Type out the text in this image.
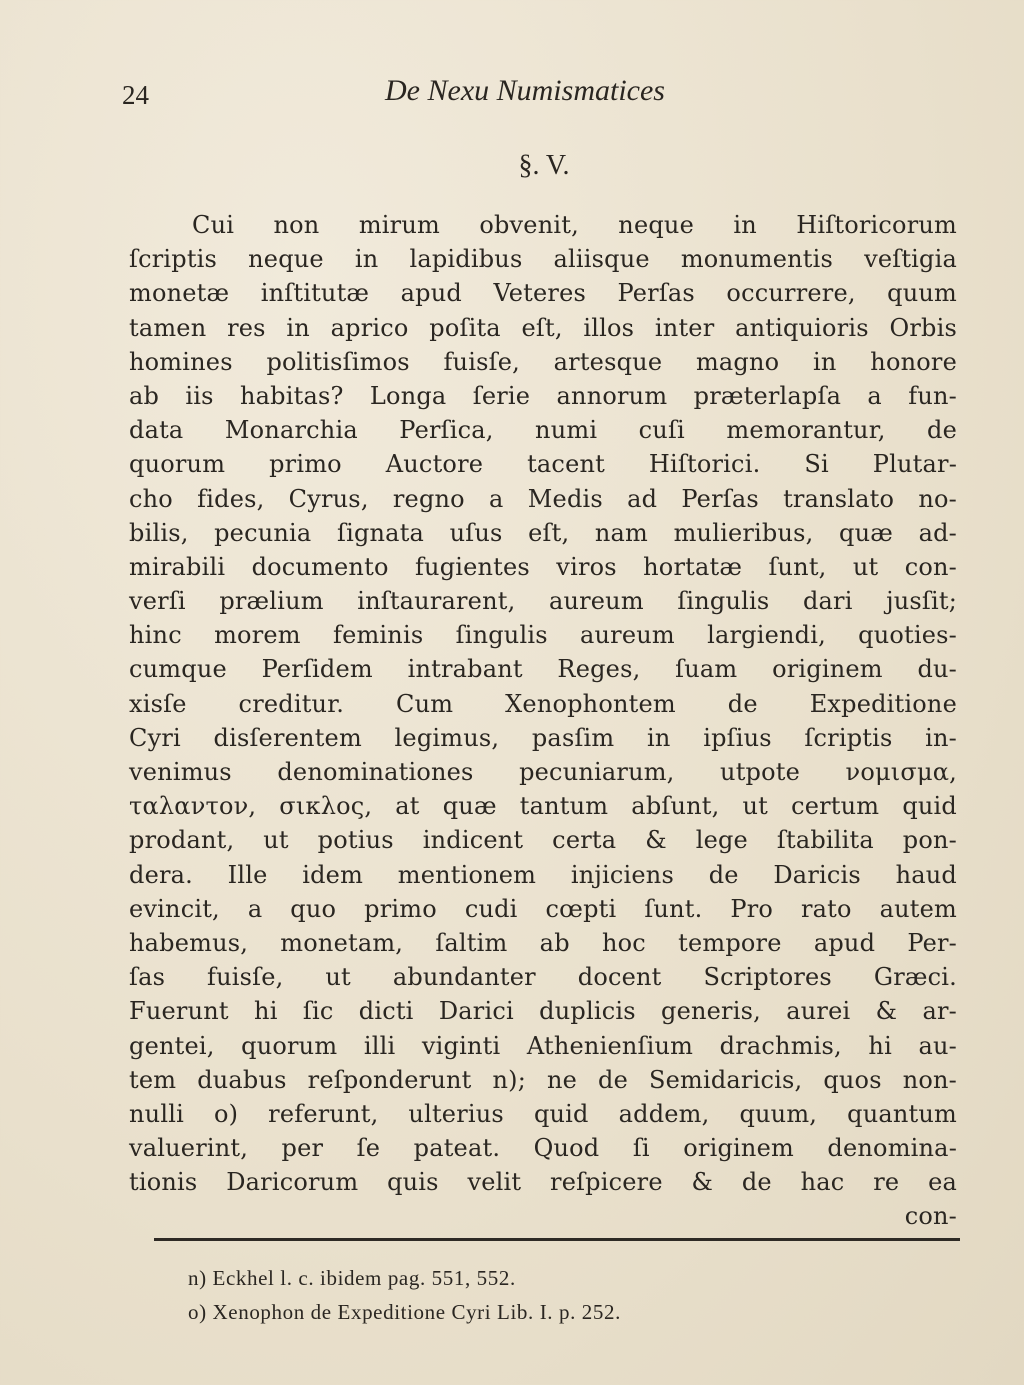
24	De Nexu Numismatices
§. V.
Cui non mirum obvenit, neque in Hiſtoricorum
ſcriptis neque in lapidibus aliisque monumentis veſtigia
monetæ inſtitutæ apud Veteres Perſas occurrere, quum
tamen res in aprico poſita eſt, illos inter antiquioris Orbis
homines politisſimos fuisſe, artesque magno in honore
ab iis habitas? Longa ſerie annorum præterlapſa a fun-
data Monarchia Perſica, numi cuſi memorantur, de
quorum primo Auctore tacent Hiſtorici. Si Plutar-
cho fides, Cyrus, regno a Medis ad Perſas translato no-
bilis, pecunia ſignata uſus eſt, nam mulieribus, quæ ad-
mirabili documento fugientes viros hortatæ ſunt, ut con-
verſi prælium inſtaurarent, aureum ſingulis dari jusſit;
hinc morem feminis ſingulis aureum largiendi, quoties-
cumque Perſidem intrabant Reges, ſuam originem du-
xisſe creditur. Cum Xenophontem de Expeditione
Cyri disſerentem legimus, pasſim in ipſius ſcriptis in-
venimus denominationes pecuniarum, utpote νομισμα,
ταλαντον, σικλος, at quæ tantum abſunt, ut certum quid
prodant, ut potius indicent certa & lege ſtabilita pon-
dera. Ille idem mentionem injiciens de Daricis haud
evincit, a quo primo cudi cœpti ſunt. Pro rato autem
habemus, monetam, ſaltim ab hoc tempore apud Per-
ſas fuisſe, ut abundanter docent Scriptores Græci.
Fuerunt hi ſic dicti Darici duplicis generis, aurei & ar-
gentei, quorum illi viginti Athenienſium drachmis, hi au-
tem duabus reſponderunt n); ne de Semidaricis, quos non-
nulli o) referunt, ulterius quid addem, quum, quantum
valuerint, per ſe pateat. Quod ſi originem denomina-
tionis Daricorum quis velit reſpicere & de hac re ea
con-
n) Eckhel l. c. ibidem pag. 551, 552.
o) Xenophon de Expeditione Cyri Lib. I. p. 252.
